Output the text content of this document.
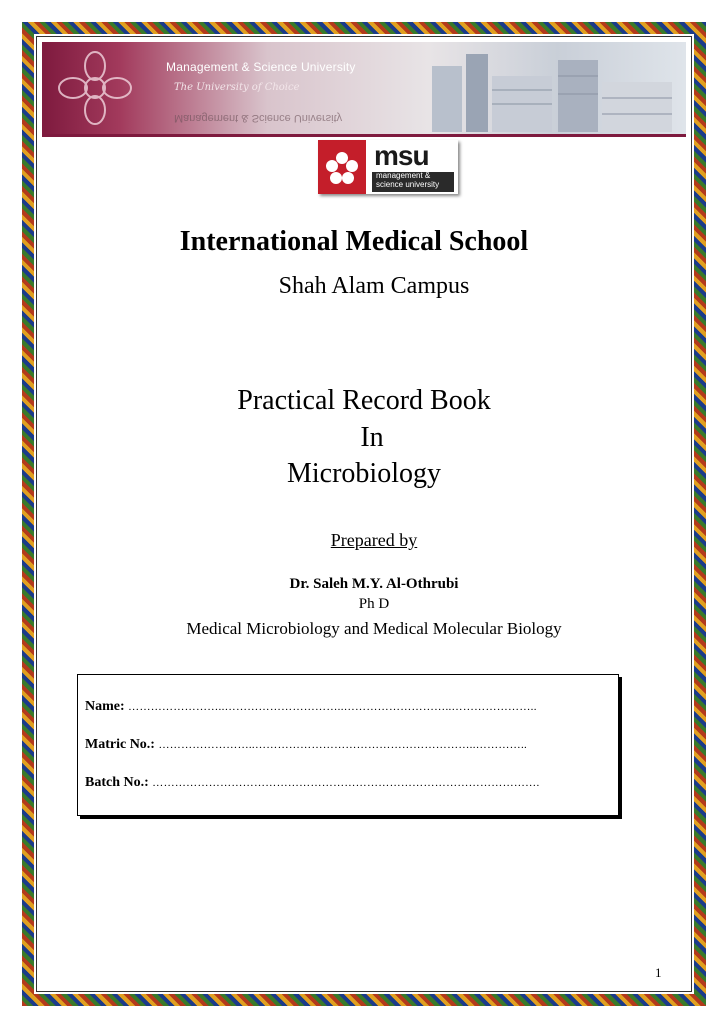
Management & Science University
The University of Choice
Management & Science University
msu
management &
science university
International Medical School
Shah Alam Campus
Practical Record Book
In
Microbiology
Prepared by
Dr. Saleh M.Y. Al-Othrubi
Ph D
Medical Microbiology and Medical Molecular Biology
Name: ……………………..…………………………..………………………..…………………..
Matric No.: ……………………..…………………………………………………..…………..
Batch No.: ………………………………………………………………………………………….
1
